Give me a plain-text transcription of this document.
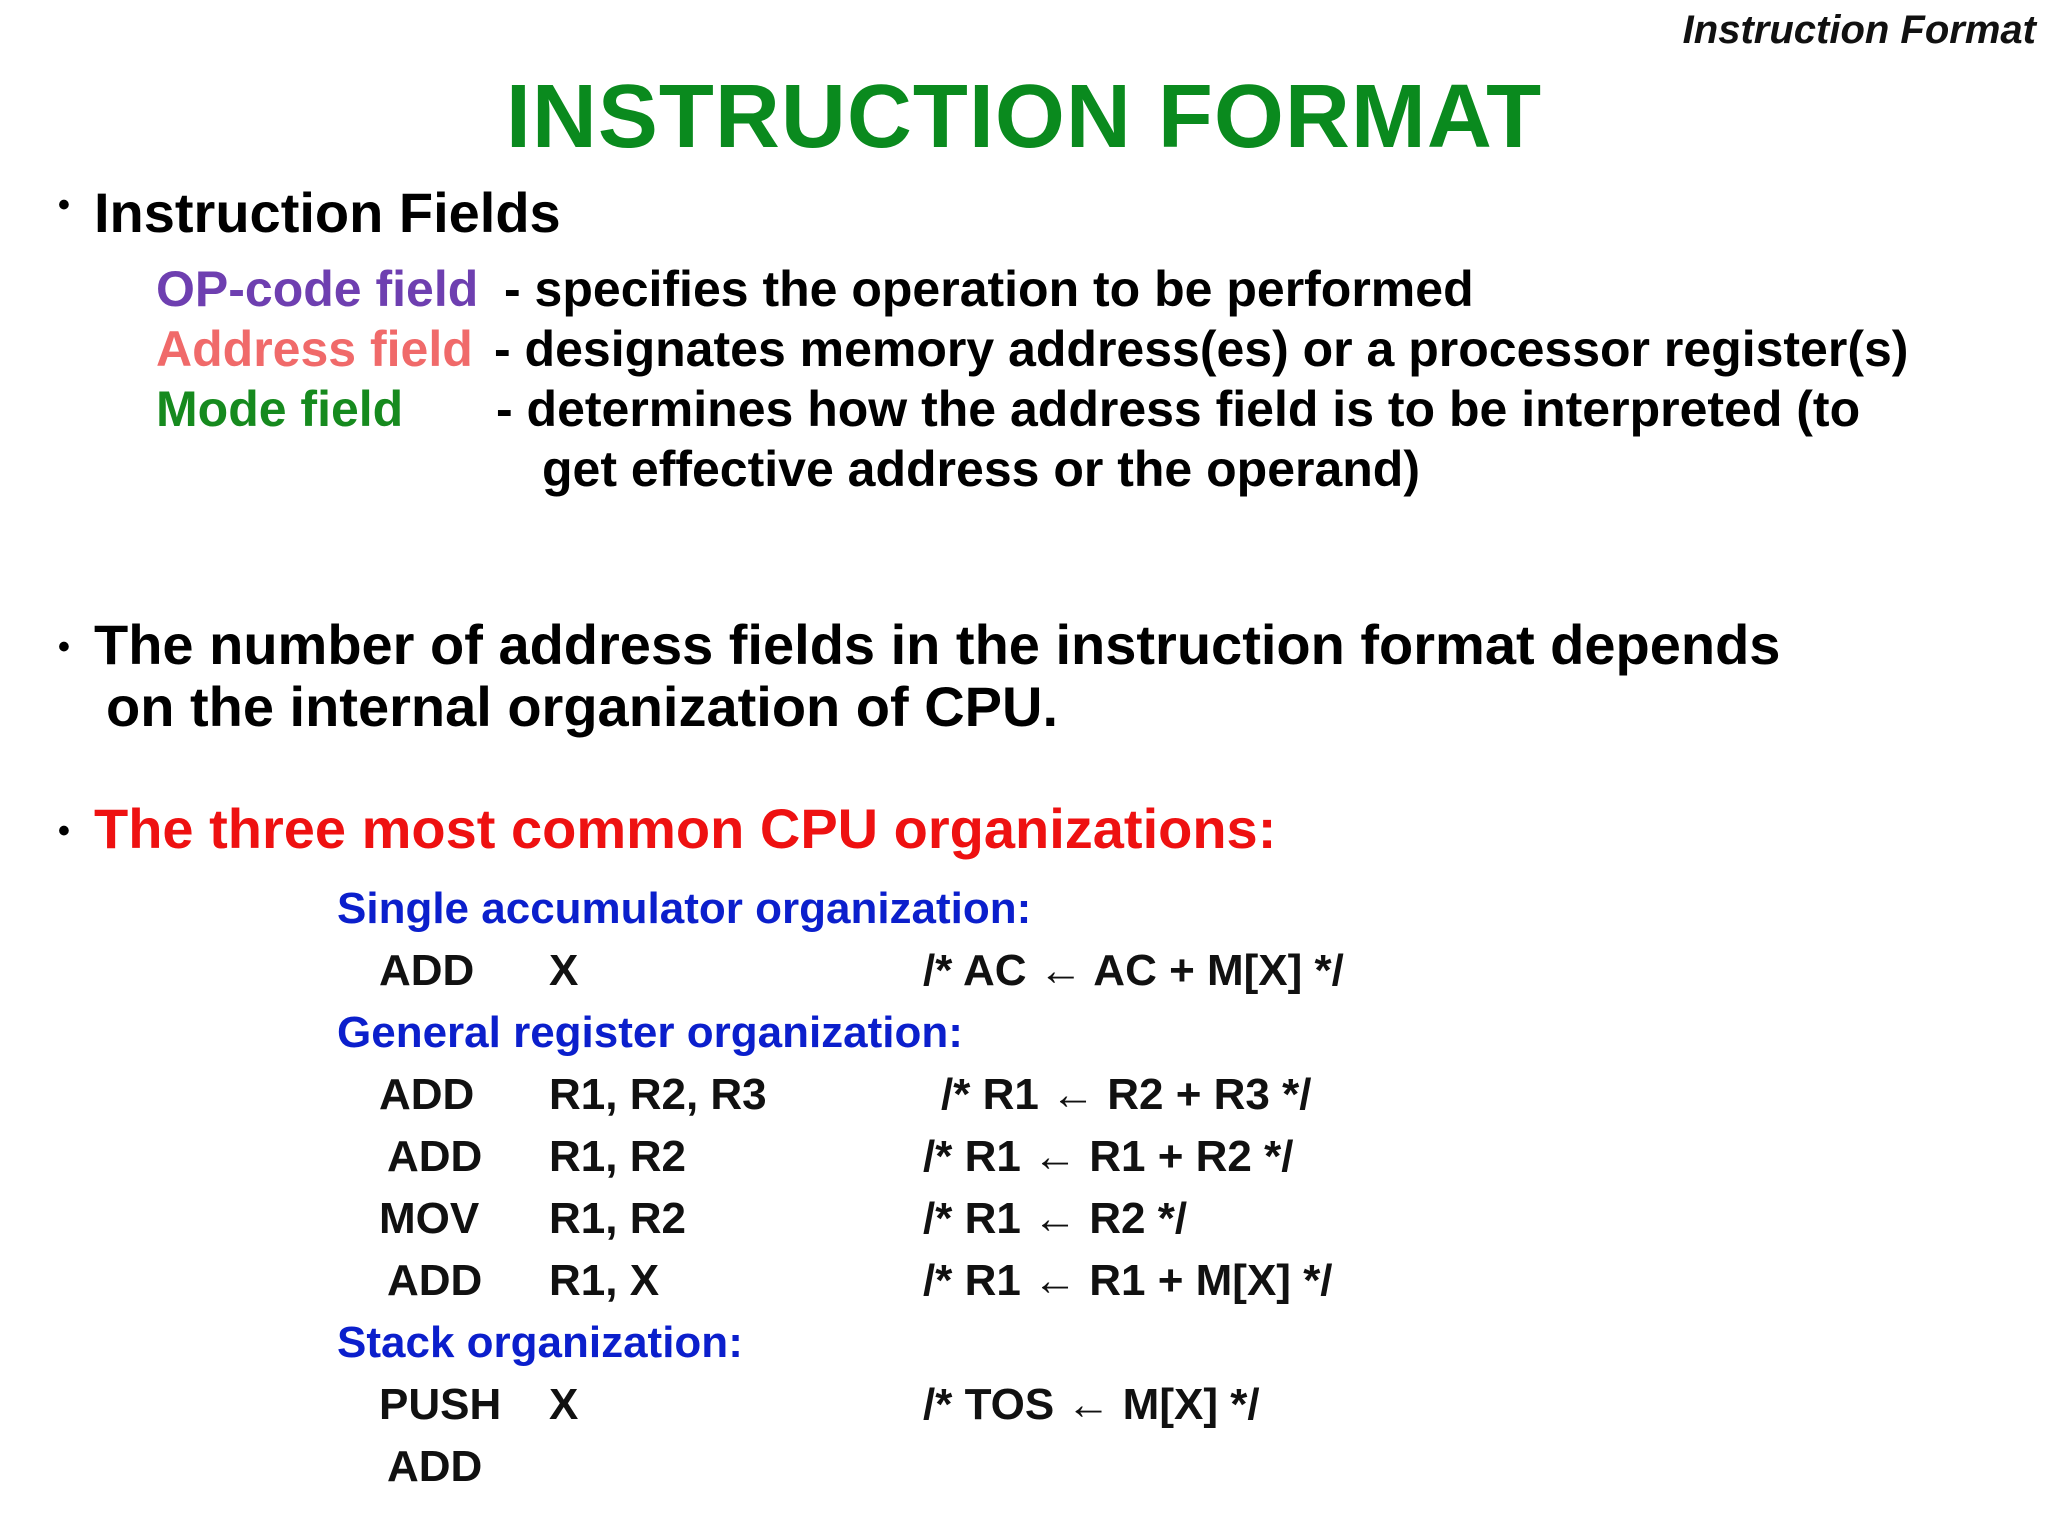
Instruction Format
INSTRUCTION FORMAT
• Instruction Fields
OP-code field - specifies the operation to be performed
Address field - designates memory address(es) or a processor register(s)
Mode field - determines how the address field is to be interpreted (to
get effective address or the operand)
• The number of address fields in the instruction format depends
on the internal organization of CPU.
• The three most common CPU organizations:
Single accumulator organization:
ADD X	/* AC ← AC + M[X] */
General register organization:
ADD R1, R2, R3	/* R1 ← R2 + R3 */
ADD R1, R2	/* R1 ← R1 + R2 */
MOV R1, R2	/* R1 ← R2 */
ADD R1, X	/* R1 ← R1 + M[X] */
Stack organization:
PUSH X	/* TOS ← M[X] */
ADD
